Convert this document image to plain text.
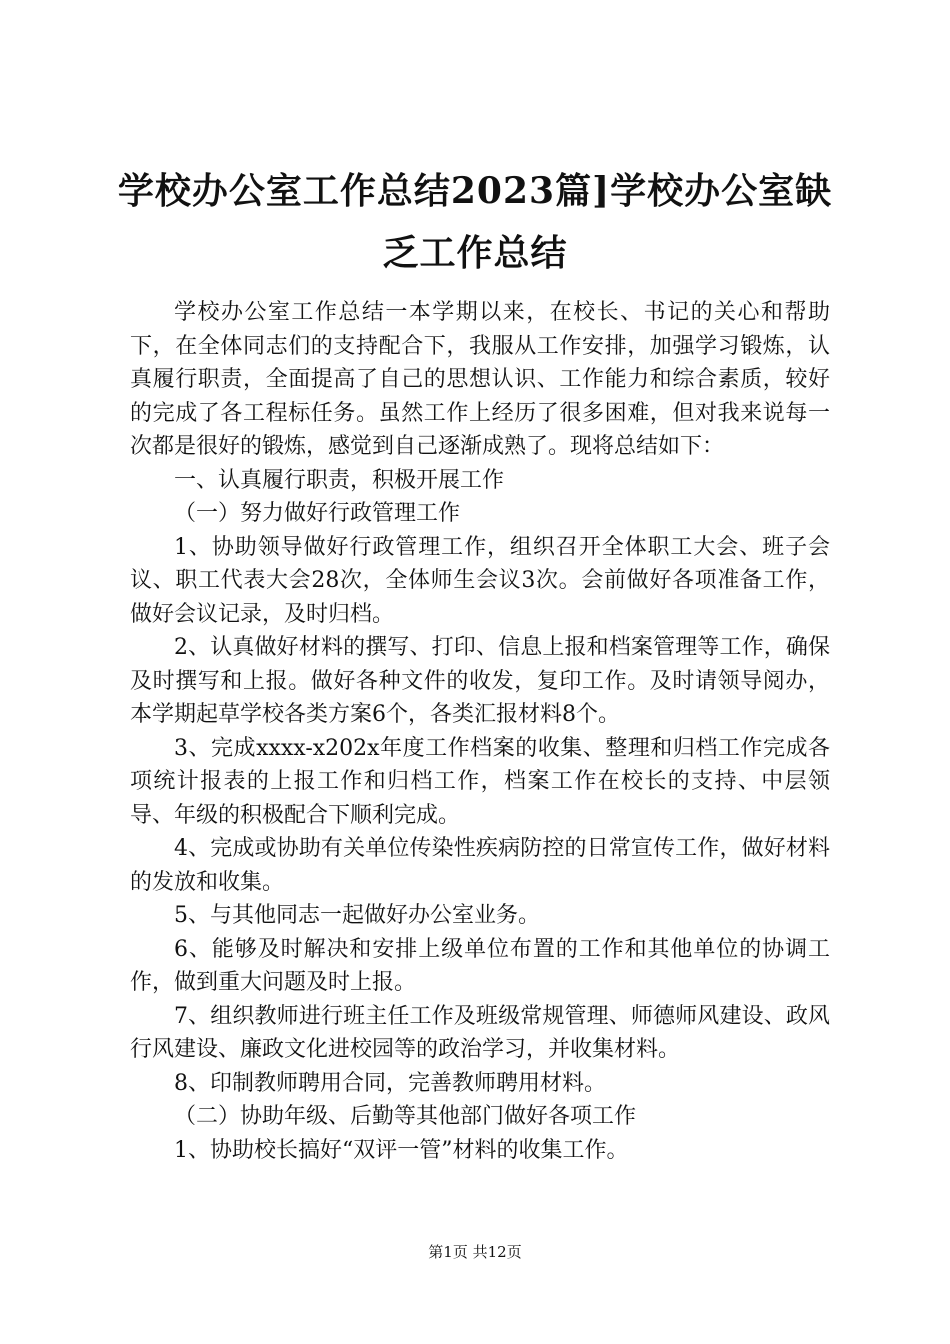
学校办公室工作总结2023篇]学校办公室缺乏工作总结

学校办公室工作总结一本学期以来，在校长、书记的关心和帮助下，在全体同志们的支持配合下，我服从工作安排，加强学习锻炼，认真履行职责，全面提高了自己的思想认识、工作能力和综合素质，较好的完成了各工程标任务。虽然工作上经历了很多困难，但对我来说每一次都是很好的锻炼，感觉到自己逐渐成熟了。现将总结如下：

一、认真履行职责，积极开展工作

（一）努力做好行政管理工作

1、协助领导做好行政管理工作，组织召开全体职工大会、班子会议、职工代表大会28次，全体师生会议3次。会前做好各项准备工作，做好会议记录，及时归档。

2、认真做好材料的撰写、打印、信息上报和档案管理等工作，确保及时撰写和上报。做好各种文件的收发，复印工作。及时请领导阅办，本学期起草学校各类方案6个，各类汇报材料8个。

3、完成xxxx-x202x年度工作档案的收集、整理和归档工作完成各项统计报表的上报工作和归档工作，档案工作在校长的支持、中层领导、年级的积极配合下顺利完成。

4、完成或协助有关单位传染性疾病防控的日常宣传工作，做好材料的发放和收集。

5、与其他同志一起做好办公室业务。

6、能够及时解决和安排上级单位布置的工作和其他单位的协调工作，做到重大问题及时上报。

7、组织教师进行班主任工作及班级常规管理、师德师风建设、政风行风建设、廉政文化进校园等的政治学习，并收集材料。

8、印制教师聘用合同，完善教师聘用材料。

（二）协助年级、后勤等其他部门做好各项工作

1、协助校长搞好“双评一管”材料的收集工作。

第1页 共12页
